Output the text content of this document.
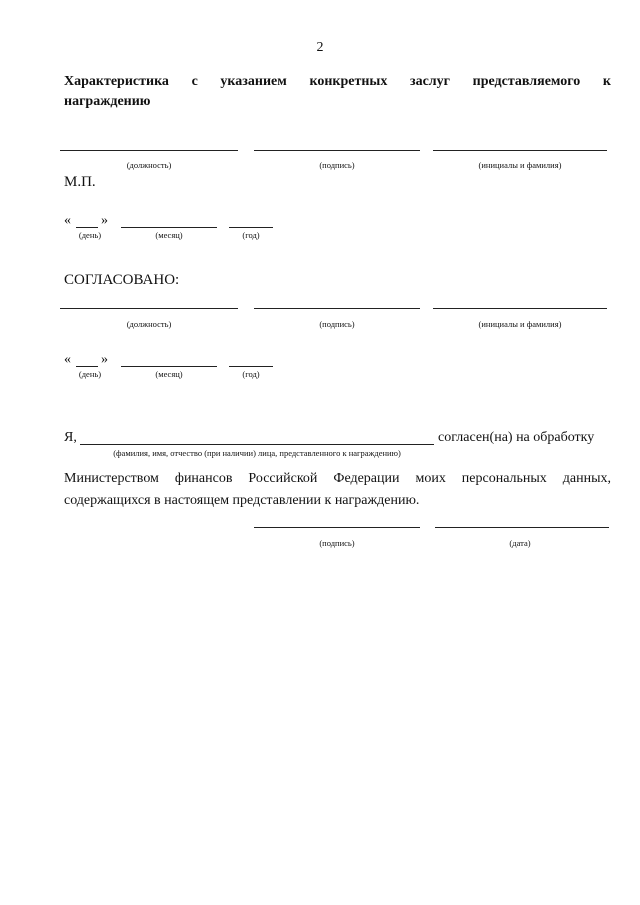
2
Характеристика с указанием конкретных заслуг представляемого к
награждению
(должность)	(подпись)	(инициалы и фамилия)
М.П.
« »
(день)	(месяц)	(год)
СОГЛАСОВАНО:
(должность)	(подпись)	(инициалы и фамилия)
« »
(день)	(месяц)	(год)
Я,	согласен(на) на обработку
(фамилия, имя, отчество (при наличии) лица, представленного к награждению)
Министерством финансов Российской Федерации моих персональных данных, содержащихся в настоящем представлении к награждению.
(подпись)	(дата)
